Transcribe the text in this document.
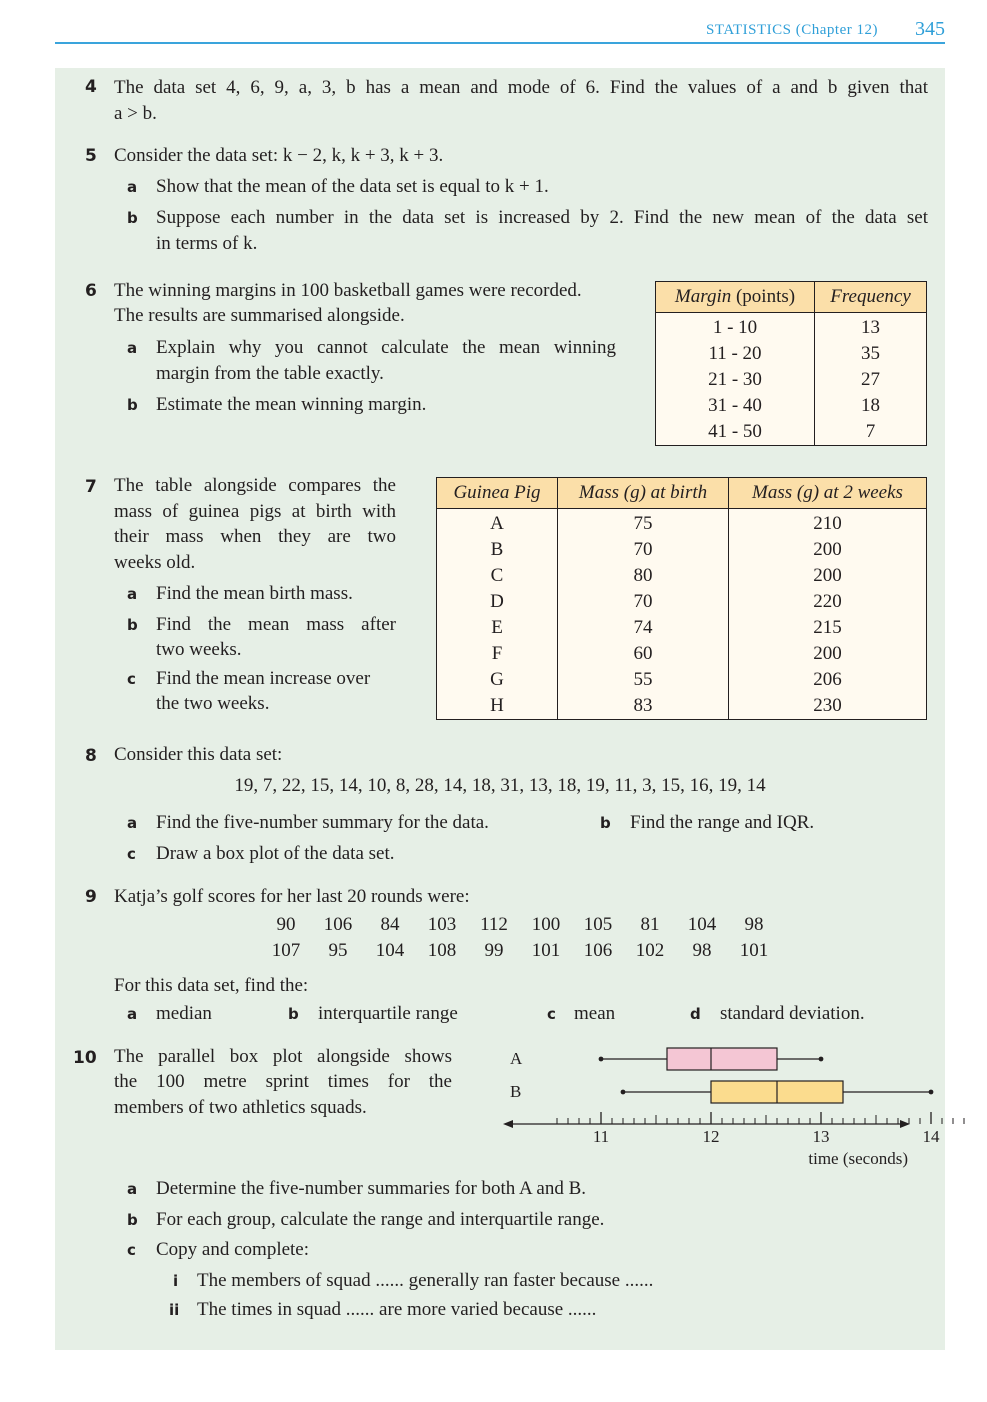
STATISTICS (Chapter 12) 345
4 The data set 4, 6, 9, a, 3, b has a mean and mode of 6. Find the values of a and b given that
a > b.
5 Consider the data set: k − 2, k, k + 3, k + 3.
a Show that the mean of the data set is equal to k + 1.
b Suppose each number in the data set is increased by 2. Find the new mean of the data set
in terms of k.
6 The winning margins in 100 basketball games were recorded.
The results are summarised alongside.
a Explain why you cannot calculate the mean winning
margin from the table exactly.
b Estimate the mean winning margin.
Margin (points)	Frequency
1 - 10	13
11 - 20	35
21 - 30	27
31 - 40	18
41 - 50	7
7 The table alongside compares the
mass of guinea pigs at birth with
their mass when they are two
weeks old.
a Find the mean birth mass.
b Find the mean mass after
two weeks.
c Find the mean increase over
the two weeks.
Guinea Pig	Mass (g) at birth	Mass (g) at 2 weeks
A	75	210
B	70	200
C	80	200
D	70	220
E	74	215
F	60	200
G	55	206
H	83	230
8 Consider this data set:
19, 7, 22, 15, 14, 10, 8, 28, 14, 18, 31, 13, 18, 19, 11, 3, 15, 16, 19, 14
a Find the five-number summary for the data.	b Find the range and IQR.
c Draw a box plot of the data set.
9 Katja’s golf scores for her last 20 rounds were:
90	106	84	103	112	100	105	81	104	98
107	95	104	108	99	101	106	102	98	101
For this data set, find the:
a median	b interquartile range	c mean	d standard deviation.
10 The parallel box plot alongside shows
the 100 metre sprint times for the
members of two athletics squads.
A
B
11	12	13	14
time (seconds)
a Determine the five-number summaries for both A and B.
b For each group, calculate the range and interquartile range.
c Copy and complete:
i The members of squad ...... generally ran faster because ......
ii The times in squad ...... are more varied because ......
